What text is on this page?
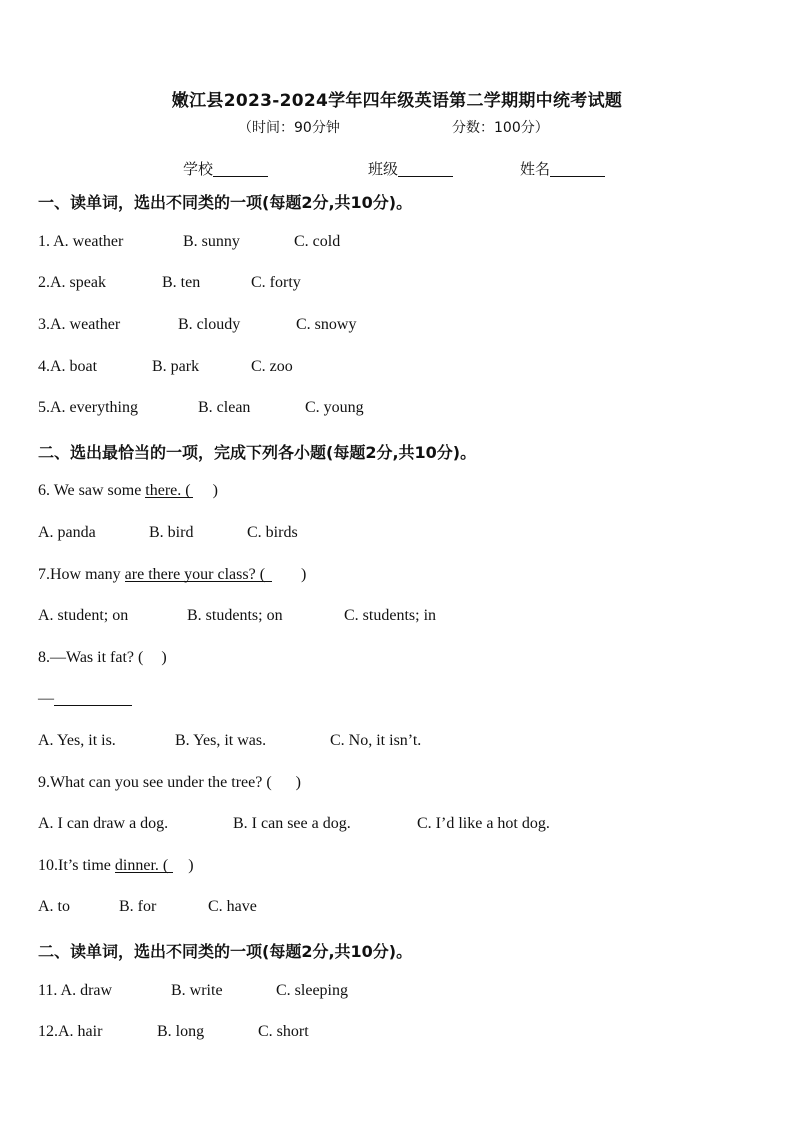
嫩江县2023-2024学年四年级英语第二学期期中统考试题
（时间：90分钟	分数：100分）
学校	班级	姓名
一、读单词，选出不同类的一项(每题2分,共10分)。
1. A. weather	B. sunny	C. cold
2.A. speak	B. ten	C. forty
3.A. weather	B. cloudy	C. snowy
4.A. boat	B. park	C. zoo
5.A. everything	B. clean	C. young
二、选出最恰当的一项，完成下列各小题(每题2分,共10分)。
6. We saw some
there. ( )
A. panda	B. bird	C. birds
7.How many
are there
your class? ( )
A. student; on	B. students; on	C. students; in
8.—Was it fat? ( )
—
A. Yes, it is.	B. Yes, it was.	C. No, it isn’t.
9.What can you see under the tree? ( )
A. I can draw a dog.	B. I can see a dog.	C. I’d like a hot dog.
10.It’s time
dinner. ( )
A. to	B. for	C. have
二、读单词，选出不同类的一项(每题2分,共10分)。
11. A. draw	B. write	C. sleeping
12.A. hair	B. long	C. short
